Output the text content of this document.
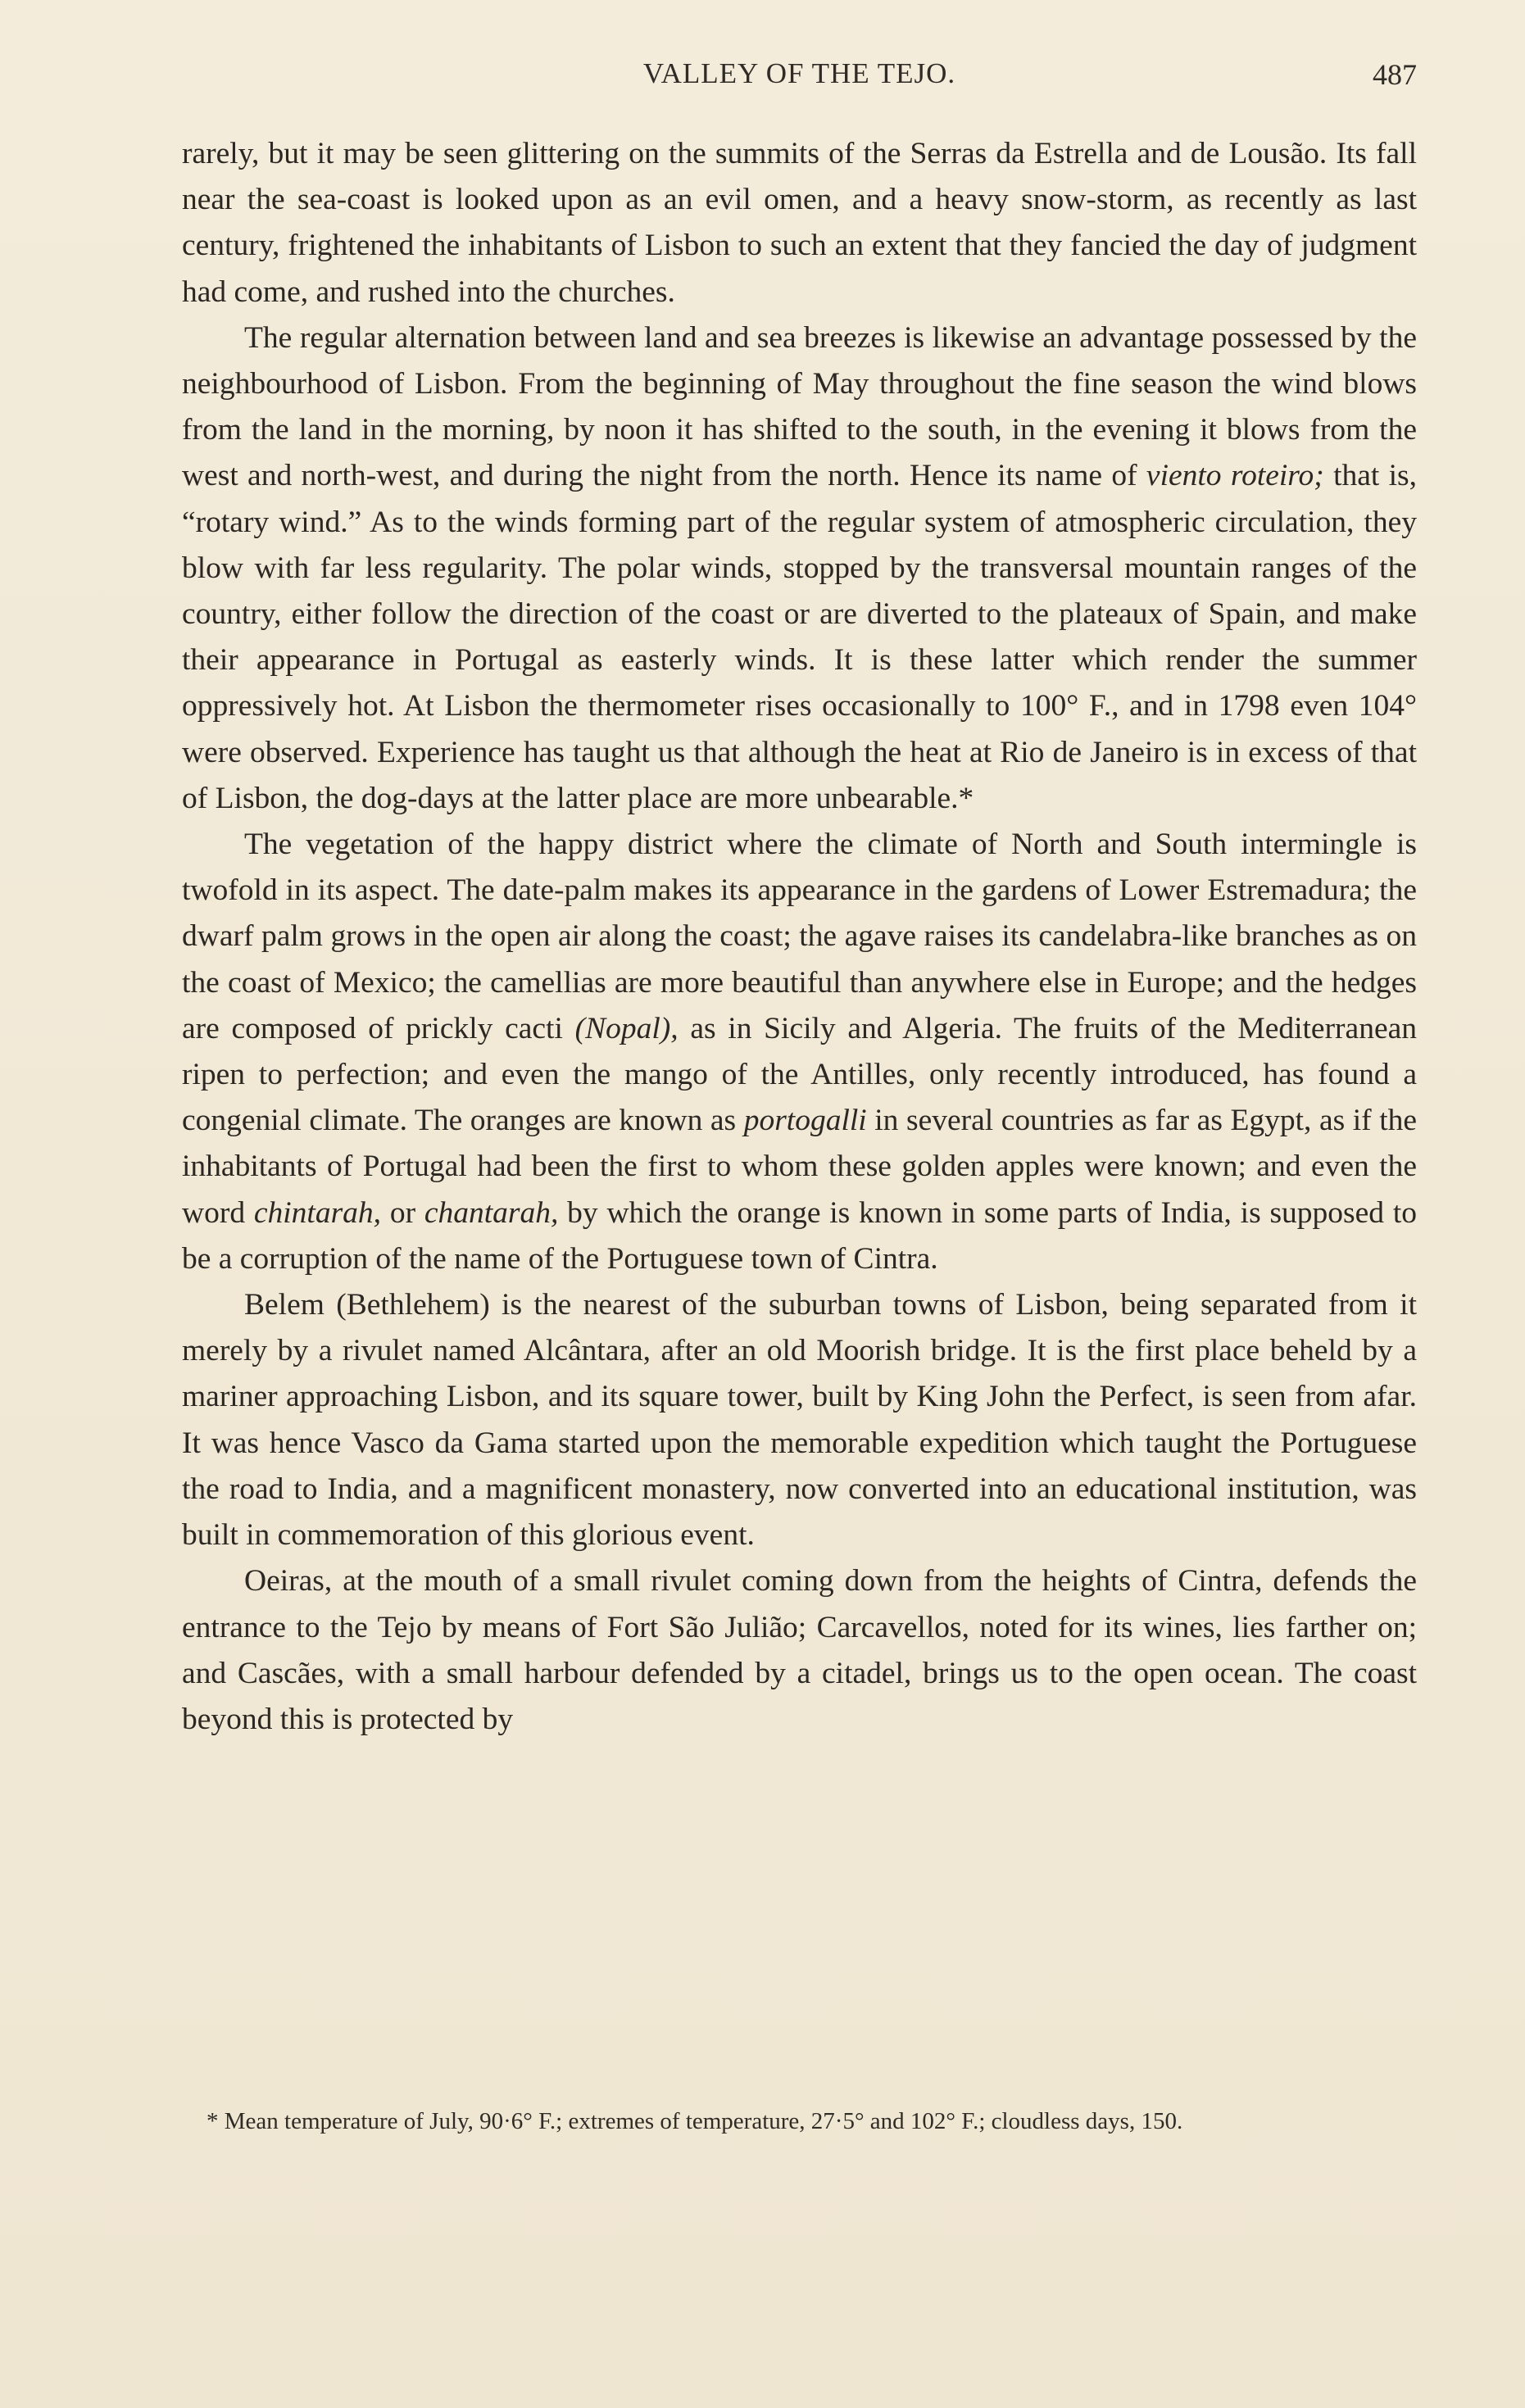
VALLEY OF THE TEJO.	487

rarely, but it may be seen glittering on the summits of the Serras da Estrella and de Lousão. Its fall near the sea-coast is looked upon as an evil omen, and a heavy snow-storm, as recently as last century, frightened the inhabitants of Lisbon to such an extent that they fancied the day of judgment had come, and rushed into the churches.

The regular alternation between land and sea breezes is likewise an advantage possessed by the neighbourhood of Lisbon. From the beginning of May throughout the fine season the wind blows from the land in the morning, by noon it has shifted to the south, in the evening it blows from the west and north-west, and during the night from the north. Hence its name of viento roteiro; that is, “rotary wind.” As to the winds forming part of the regular system of atmospheric circulation, they blow with far less regularity. The polar winds, stopped by the transversal mountain ranges of the country, either follow the direction of the coast or are diverted to the plateaux of Spain, and make their appearance in Portugal as easterly winds. It is these latter which render the summer oppressively hot. At Lisbon the thermometer rises occasionally to 100° F., and in 1798 even 104° were observed. Experience has taught us that although the heat at Rio de Janeiro is in excess of that of Lisbon, the dog-days at the latter place are more unbearable.*

The vegetation of the happy district where the climate of North and South intermingle is twofold in its aspect. The date-palm makes its appearance in the gardens of Lower Estremadura; the dwarf palm grows in the open air along the coast; the agave raises its candelabra-like branches as on the coast of Mexico; the camellias are more beautiful than anywhere else in Europe; and the hedges are composed of prickly cacti (Nopal), as in Sicily and Algeria. The fruits of the Mediterranean ripen to perfection; and even the mango of the Antilles, only recently introduced, has found a congenial climate. The oranges are known as portogalli in several countries as far as Egypt, as if the inhabitants of Portugal had been the first to whom these golden apples were known; and even the word chintarah, or chantarah, by which the orange is known in some parts of India, is supposed to be a corruption of the name of the Portuguese town of Cintra.

Belem (Bethlehem) is the nearest of the suburban towns of Lisbon, being separated from it merely by a rivulet named Alcântara, after an old Moorish bridge. It is the first place beheld by a mariner approaching Lisbon, and its square tower, built by King John the Perfect, is seen from afar. It was hence Vasco da Gama started upon the memorable expedition which taught the Portuguese the road to India, and a magnificent monastery, now converted into an educational institution, was built in commemoration of this glorious event.

Oeiras, at the mouth of a small rivulet coming down from the heights of Cintra, defends the entrance to the Tejo by means of Fort São Julião; Carcavellos, noted for its wines, lies farther on; and Cascães, with a small harbour defended by a citadel, brings us to the open ocean. The coast beyond this is protected by

* Mean temperature of July, 90·6° F.; extremes of temperature, 27·5° and 102° F.; cloudless days, 150.
